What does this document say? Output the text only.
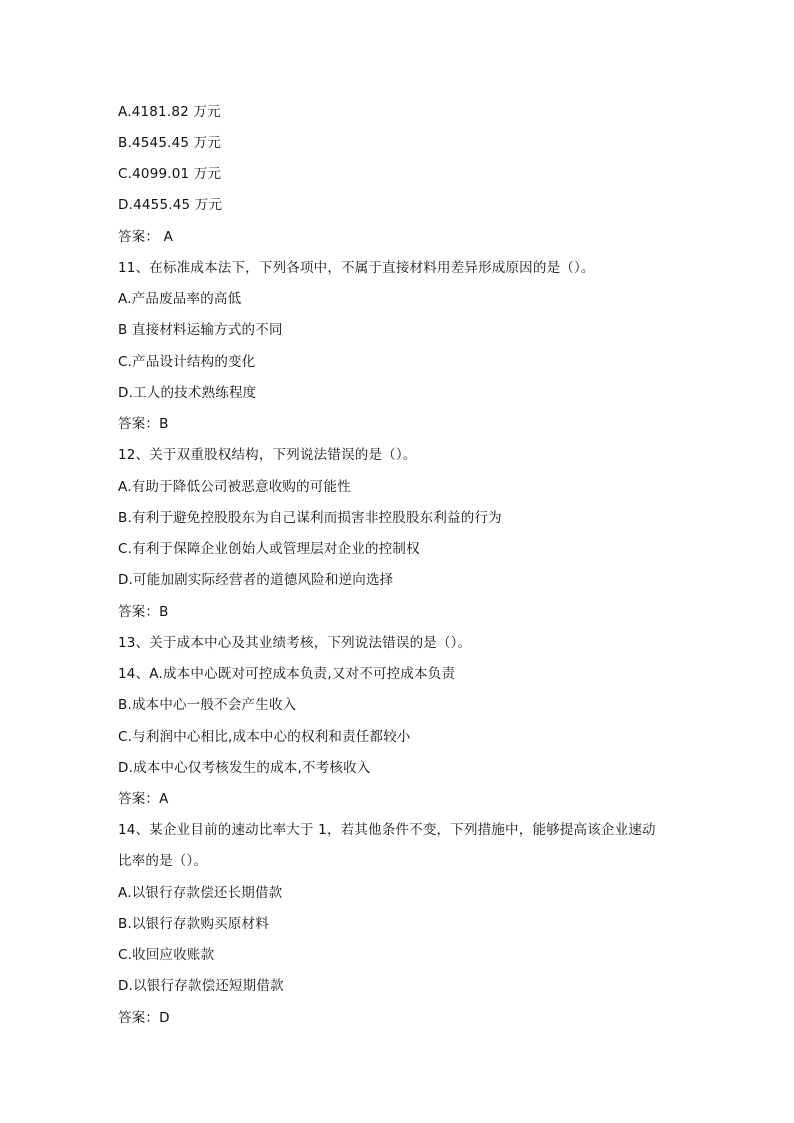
A.4181.82 万元
B.4545.45 万元
C.4099.01 万元
D.4455.45 万元
答案： A
11、在标准成本法下，下列各项中，不属于直接材料用差异形成原因的是（）。
A.产品废品率的高低
B 直接材料运输方式的不同
C.产品设计结构的变化
D.工人的技术熟练程度
答案：B
12、关于双重股权结构，下列说法错误的是（）。
A.有助于降低公司被恶意收购的可能性
B.有利于避免控股股东为自己谋利而损害非控股股东利益的行为
C.有利于保障企业创始人或管理层对企业的控制权
D.可能加剧实际经营者的道德风险和逆向选择
答案：B
13、关于成本中心及其业绩考核，下列说法错误的是（）。
14、A.成本中心既对可控成本负责,又对不可控成本负责
B.成本中心一般不会产生收入
C.与利润中心相比,成本中心的权利和责任都较小
D.成本中心仅考核发生的成本,不考核收入
答案：A
14、某企业目前的速动比率大于 1，若其他条件不变，下列措施中，能够提高该企业速动
比率的是（）。
A.以银行存款偿还长期借款
B.以银行存款购买原材料
C.收回应收账款
D.以银行存款偿还短期借款
答案：D
